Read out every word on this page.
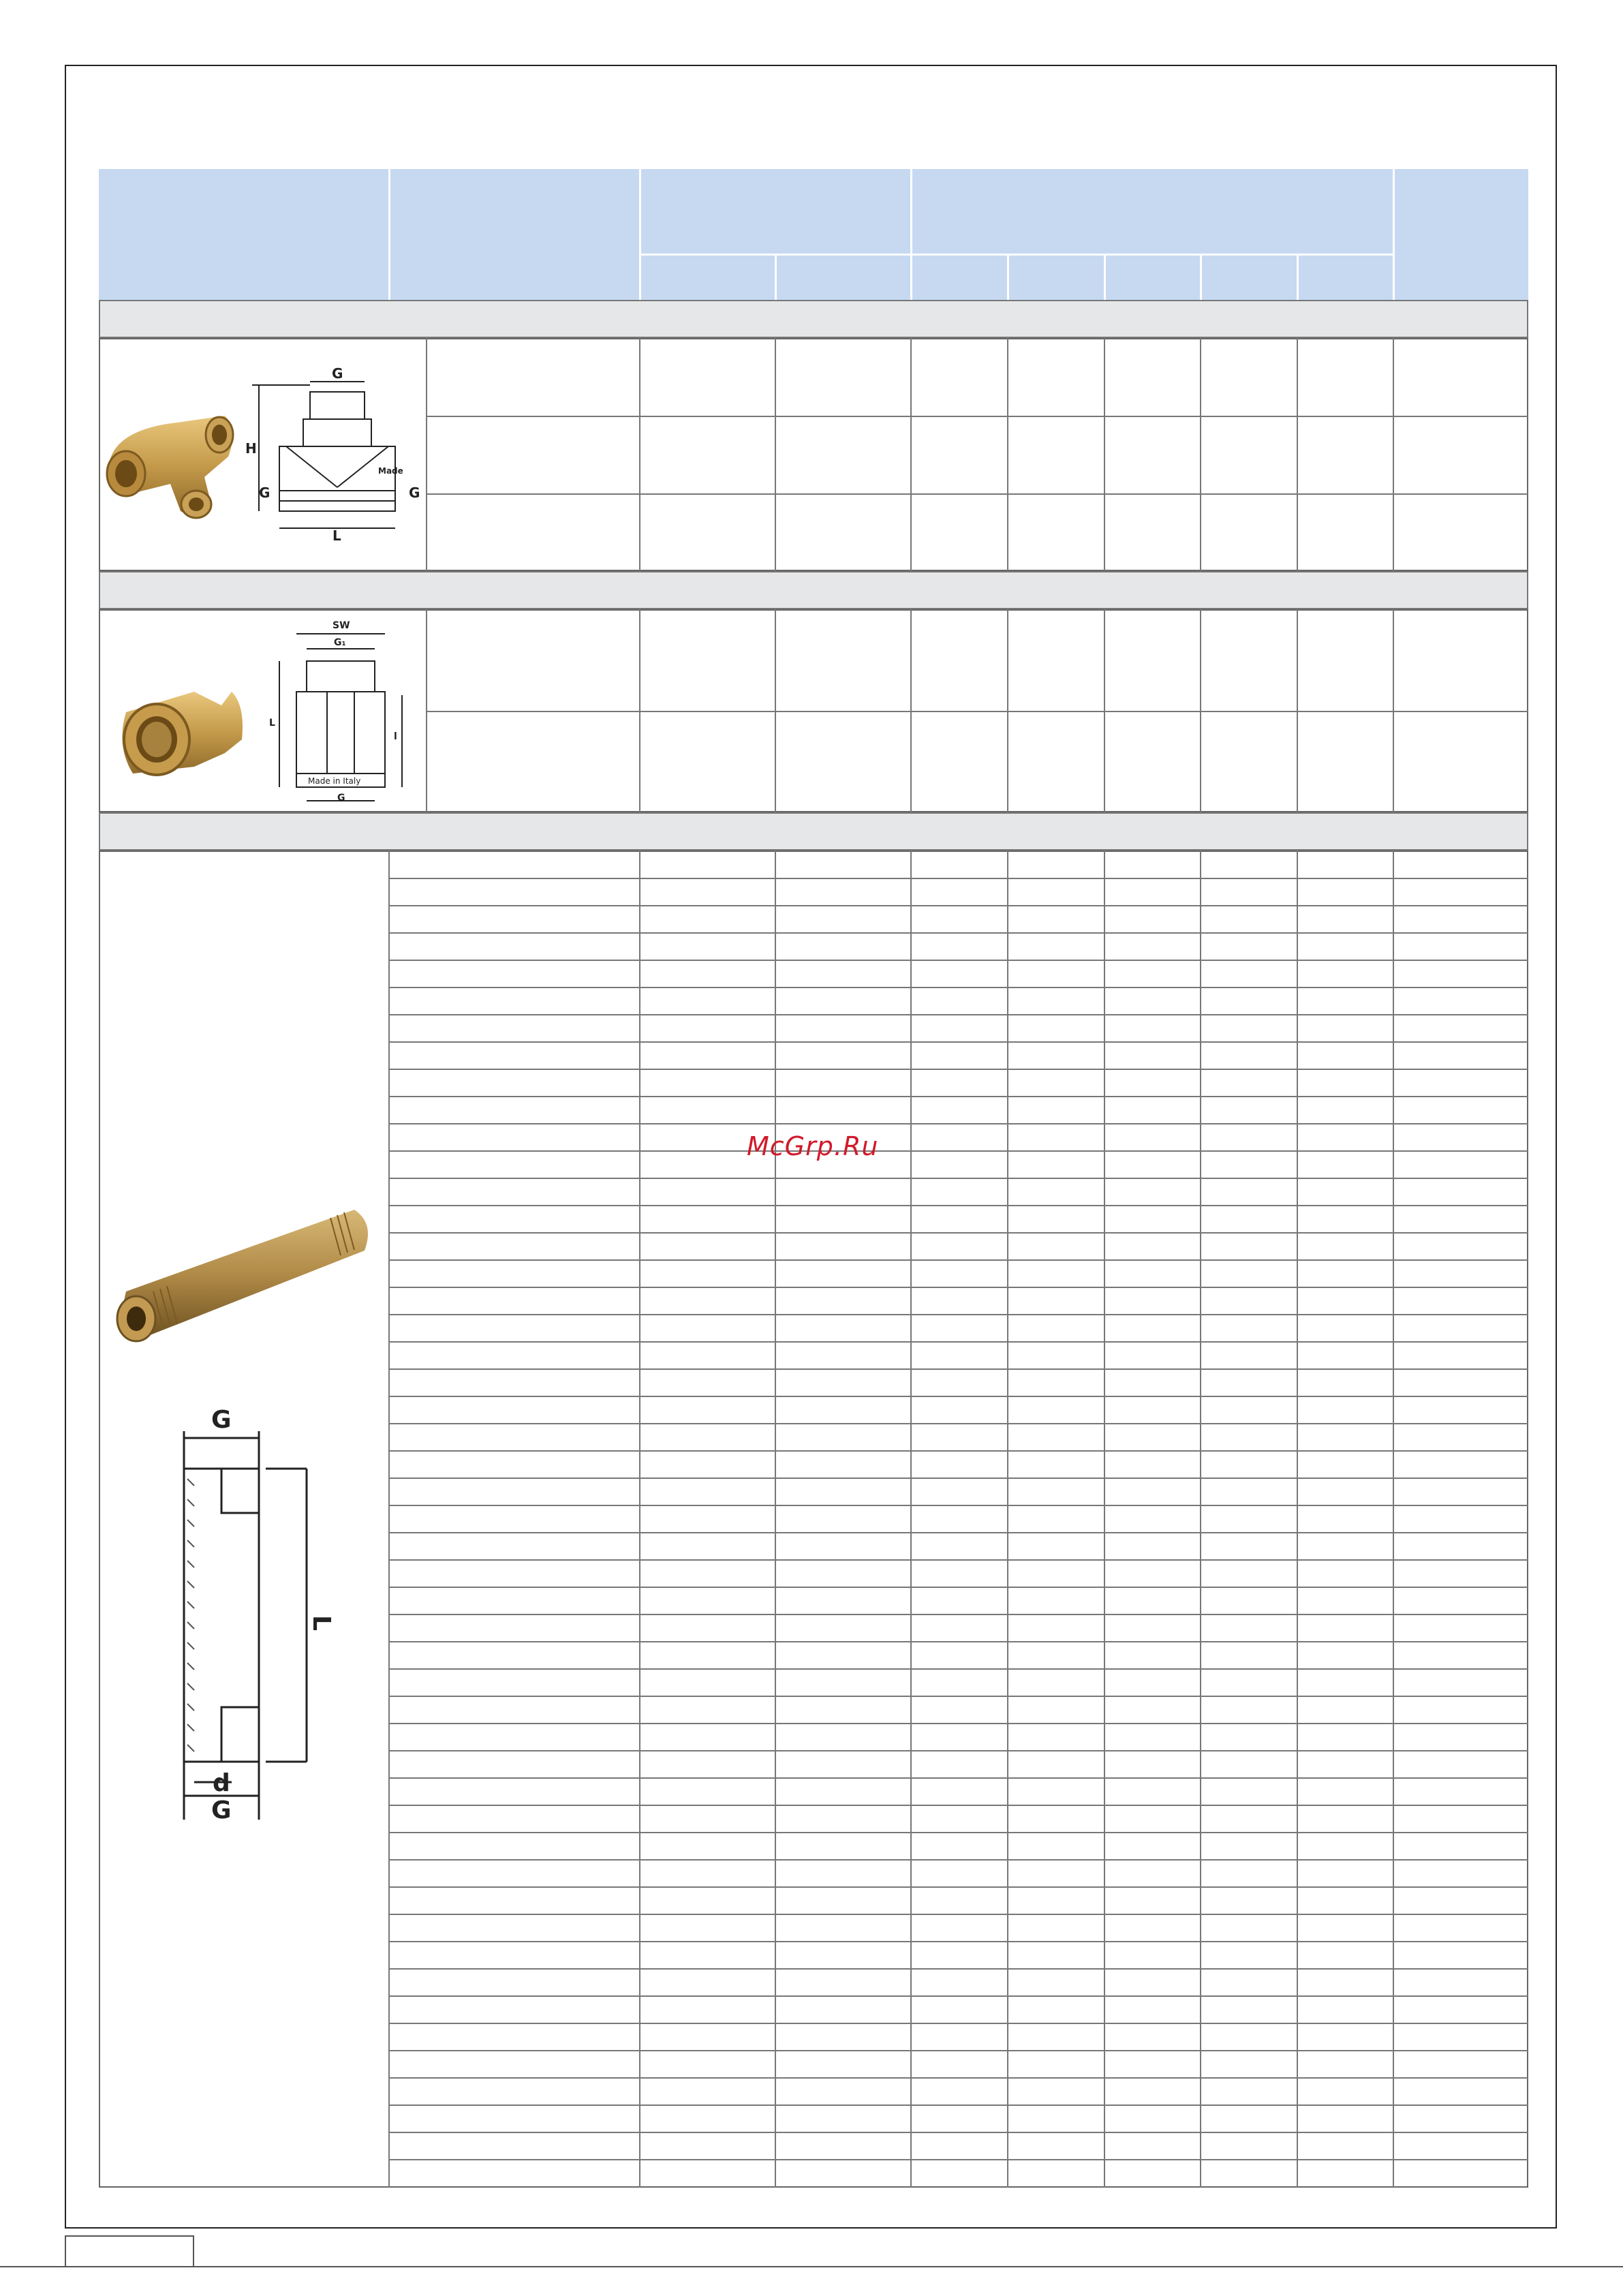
G
H
G	G
L
Made
SW
G₁
L
l
G
Made in Italy
G
L
d
G
McGrp.Ru
